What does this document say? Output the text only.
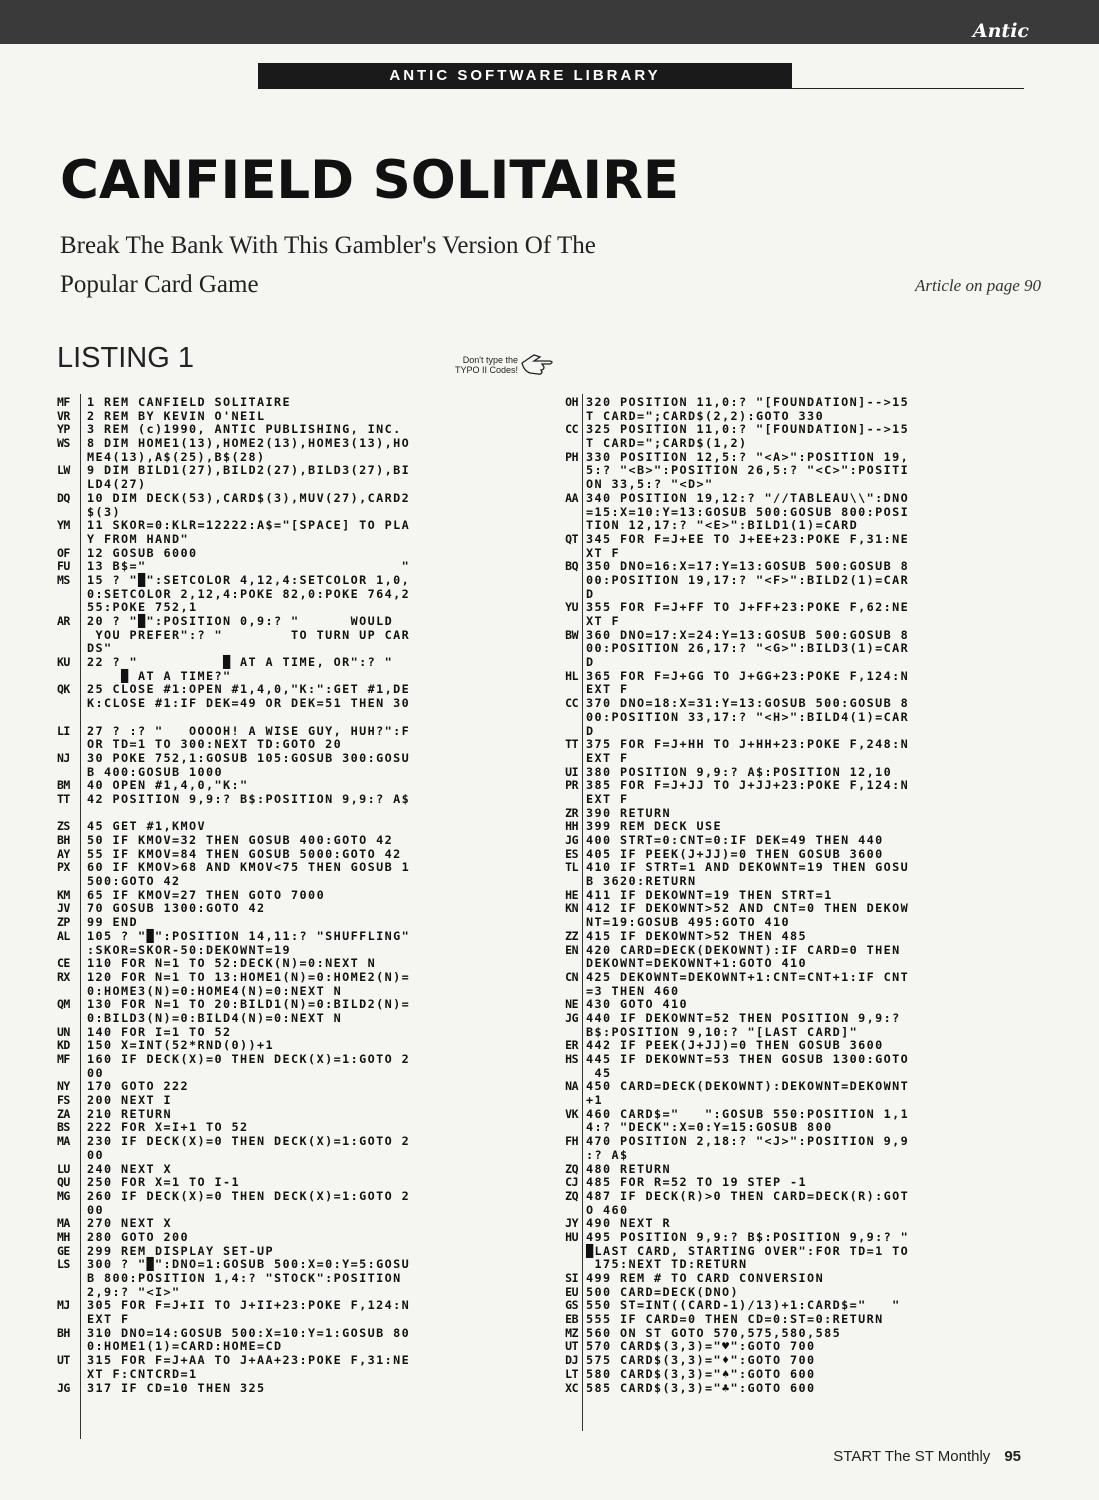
Antic
ANTIC SOFTWARE LIBRARY
CANFIELD SOLITAIRE
Break The Bank With This Gambler's Version Of The
Popular Card Game	Article on page 90
LISTING 1	Don't type the
TYPO II Codes!
MF	1 REM CANFIELD SOLITAIRE
VR	2 REM BY KEVIN O'NEIL
YP	3 REM (c)1990, ANTIC PUBLISHING, INC.
WS	8 DIM HOME1(13),HOME2(13),HOME3(13),HO
ME4(13),A$(25),B$(28)
LW	9 DIM BILD1(27),BILD2(27),BILD3(27),BI
LD4(27)
DQ	10 DIM DECK(53),CARD$(3),MUV(27),CARD2
$(3)
YM	11 SKOR=0:KLR=12222:A$="[SPACE] TO PLA
Y FROM HAND"
OF	12 GOSUB 6000
FU	13 B$="                              "
MS	15 ? "█":SETCOLOR 4,12,4:SETCOLOR 1,0,
0:SETCOLOR 2,12,4:POKE 82,0:POKE 764,2
55:POKE 752,1
AR	20 ? "█":POSITION 0,9:? "      WOULD
YOU PREFER":? "        TO TURN UP CAR
DS"
KU	22 ? "          █ AT A TIME, OR":? "
█ AT A TIME?"
QK	25 CLOSE #1:OPEN #1,4,0,"K:":GET #1,DE
K:CLOSE #1:IF DEK=49 OR DEK=51 THEN 30
LI	27 ? :? "   OOOOH! A WISE GUY, HUH?":F
OR TD=1 TO 300:NEXT TD:GOTO 20
NJ	30 POKE 752,1:GOSUB 105:GOSUB 300:GOSU
B 400:GOSUB 1000
BM	40 OPEN #1,4,0,"K:"
TT	42 POSITION 9,9:? B$:POSITION 9,9:? A$
ZS	45 GET #1,KMOV
BH	50 IF KMOV=32 THEN GOSUB 400:GOTO 42
AY	55 IF KMOV=84 THEN GOSUB 5000:GOTO 42
PX	60 IF KMOV>68 AND KMOV<75 THEN GOSUB 1
500:GOTO 42
KM	65 IF KMOV=27 THEN GOTO 7000
JV	70 GOSUB 1300:GOTO 42
ZP	99 END
AL	105 ? "█":POSITION 14,11:? "SHUFFLING"
:SKOR=SKOR-50:DEKOWNT=19
CE	110 FOR N=1 TO 52:DECK(N)=0:NEXT N
RX	120 FOR N=1 TO 13:HOME1(N)=0:HOME2(N)=
0:HOME3(N)=0:HOME4(N)=0:NEXT N
QM	130 FOR N=1 TO 20:BILD1(N)=0:BILD2(N)=
0:BILD3(N)=0:BILD4(N)=0:NEXT N
UN	140 FOR I=1 TO 52
KD	150 X=INT(52*RND(0))+1
MF	160 IF DECK(X)=0 THEN DECK(X)=1:GOTO 2
00
NY	170 GOTO 222
FS	200 NEXT I
ZA	210 RETURN
BS	222 FOR X=I+1 TO 52
MA	230 IF DECK(X)=0 THEN DECK(X)=1:GOTO 2
00
LU	240 NEXT X
QU	250 FOR X=1 TO I-1
MG	260 IF DECK(X)=0 THEN DECK(X)=1:GOTO 2
00
MA	270 NEXT X
MH	280 GOTO 200
GE	299 REM DISPLAY SET-UP
LS	300 ? "█":DNO=1:GOSUB 500:X=0:Y=5:GOSU
B 800:POSITION 1,4:? "STOCK":POSITION
2,9:? "<I>"
MJ	305 FOR F=J+II TO J+II+23:POKE F,124:N
EXT F
BH	310 DNO=14:GOSUB 500:X=10:Y=1:GOSUB 80
0:HOME1(1)=CARD:HOME=CD
UT	315 FOR F=J+AA TO J+AA+23:POKE F,31:NE
XT F:CNTCRD=1
JG	317 IF CD=10 THEN 325
OH 320 POSITION 11,0:? "[FOUNDATION]-->15
T CARD=";CARD$(2,2):GOTO 330
CC 325 POSITION 11,0:? "[FOUNDATION]-->15
T CARD=";CARD$(1,2)
PH 330 POSITION 12,5:? "<A>":POSITION 19,
5:? "<B>":POSITION 26,5:? "<C>":POSITI
ON 33,5:? "<D>"
AA 340 POSITION 19,12:? "//TABLEAU\\":DNO
=15:X=10:Y=13:GOSUB 500:GOSUB 800:POSI
TION 12,17:? "<E>":BILD1(1)=CARD
QT 345 FOR F=J+EE TO J+EE+23:POKE F,31:NE
XT F
BQ 350 DNO=16:X=17:Y=13:GOSUB 500:GOSUB 8
00:POSITION 19,17:? "<F>":BILD2(1)=CAR
D
YU 355 FOR F=J+FF TO J+FF+23:POKE F,62:NE
XT F
BW 360 DNO=17:X=24:Y=13:GOSUB 500:GOSUB 8
00:POSITION 26,17:? "<G>":BILD3(1)=CAR
D
HL 365 FOR F=J+GG TO J+GG+23:POKE F,124:N
EXT F
CC 370 DNO=18:X=31:Y=13:GOSUB 500:GOSUB 8
00:POSITION 33,17:? "<H>":BILD4(1)=CAR
D
TT 375 FOR F=J+HH TO J+HH+23:POKE F,248:N
EXT F
UI 380 POSITION 9,9:? A$:POSITION 12,10
PR 385 FOR F=J+JJ TO J+JJ+23:POKE F,124:N
EXT F
ZR 390 RETURN
HH 399 REM DECK USE
JG 400 STRT=0:CNT=0:IF DEK=49 THEN 440
ES 405 IF PEEK(J+JJ)=0 THEN GOSUB 3600
TL 410 IF STRT=1 AND DEKOWNT=19 THEN GOSU
B 3620:RETURN
HE 411 IF DEKOWNT=19 THEN STRT=1
KN 412 IF DEKOWNT>52 AND CNT=0 THEN DEKOW
NT=19:GOSUB 495:GOTO 410
ZZ 415 IF DEKOWNT>52 THEN 485
EN 420 CARD=DECK(DEKOWNT):IF CARD=0 THEN
DEKOWNT=DEKOWNT+1:GOTO 410
CN 425 DEKOWNT=DEKOWNT+1:CNT=CNT+1:IF CNT
=3 THEN 460
NE 430 GOTO 410
JG 440 IF DEKOWNT=52 THEN POSITION 9,9:?
B$:POSITION 9,10:? "[LAST CARD]"
ER 442 IF PEEK(J+JJ)=0 THEN GOSUB 3600
HS 445 IF DEKOWNT=53 THEN GOSUB 1300:GOTO
45
NA 450 CARD=DECK(DEKOWNT):DEKOWNT=DEKOWNT
+1
VK 460 CARD$="   ":GOSUB 550:POSITION 1,1
4:? "DECK":X=0:Y=15:GOSUB 800
FH 470 POSITION 2,18:? "<J>":POSITION 9,9
:? A$
ZQ 480 RETURN
CJ 485 FOR R=52 TO 19 STEP -1
ZQ 487 IF DECK(R)>0 THEN CARD=DECK(R):GOT
O 460
JY 490 NEXT R
HU 495 POSITION 9,9:? B$:POSITION 9,9:? "
█LAST CARD, STARTING OVER":FOR TD=1 TO
175:NEXT TD:RETURN
SI 499 REM # TO CARD CONVERSION
EU 500 CARD=DECK(DNO)
GS 550 ST=INT((CARD-1)/13)+1:CARD$="   "
EB 555 IF CARD=0 THEN CD=0:ST=0:RETURN
MZ 560 ON ST GOTO 570,575,580,585
UT 570 CARD$(3,3)="♥":GOTO 700
DJ 575 CARD$(3,3)="♦":GOTO 700
LT 580 CARD$(3,3)="♠":GOTO 600
XC 585 CARD$(3,3)="♣":GOTO 600
START The ST Monthly 95
